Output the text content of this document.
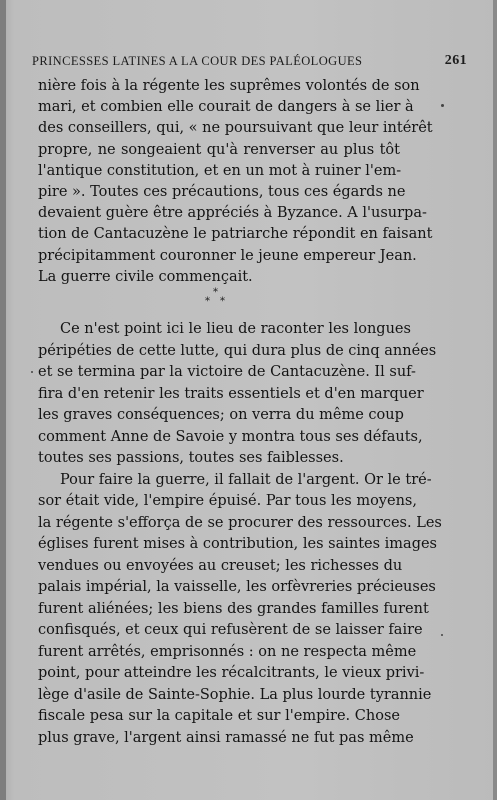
PRINCESSES LATINES A LA COUR DES PALÉOLOGUES	261
nière fois à la régente les suprêmes volontés de son
mari, et combien elle courait de dangers à se lier à
des conseillers, qui, « ne poursuivant que leur intérêt
propre, ne songeaient qu'à renverser au plus tôt
l'antique constitution, et en un mot à ruiner l'em-
pire ». Toutes ces précautions, tous ces égards ne
devaient guère être appréciés à Byzance. A l'usurpa-
tion de Cantacuzène le patriarche répondit en faisant
précipitamment couronner le jeune empereur Jean.
La guerre civile commençait.
*
* *
Ce n'est point ici le lieu de raconter les longues
péripéties de cette lutte, qui dura plus de cinq années
et se termina par la victoire de Cantacuzène. Il suf-
fira d'en retenir les traits essentiels et d'en marquer
les graves conséquences; on verra du même coup
comment Anne de Savoie y montra tous ses défauts,
toutes ses passions, toutes ses faiblesses.
Pour faire la guerre, il fallait de l'argent. Or le tré-
sor était vide, l'empire épuisé. Par tous les moyens,
la régente s'efforça de se procurer des ressources. Les
églises furent mises à contribution, les saintes images
vendues ou envoyées au creuset; les richesses du
palais impérial, la vaisselle, les orfèvreries précieuses
furent aliénées; les biens des grandes familles furent
confisqués, et ceux qui refusèrent de se laisser faire
furent arrêtés, emprisonnés : on ne respecta même
point, pour atteindre les récalcitrants, le vieux privi-
lège d'asile de Sainte-Sophie. La plus lourde tyrannie
fiscale pesa sur la capitale et sur l'empire. Chose
plus grave, l'argent ainsi ramassé ne fut pas même
